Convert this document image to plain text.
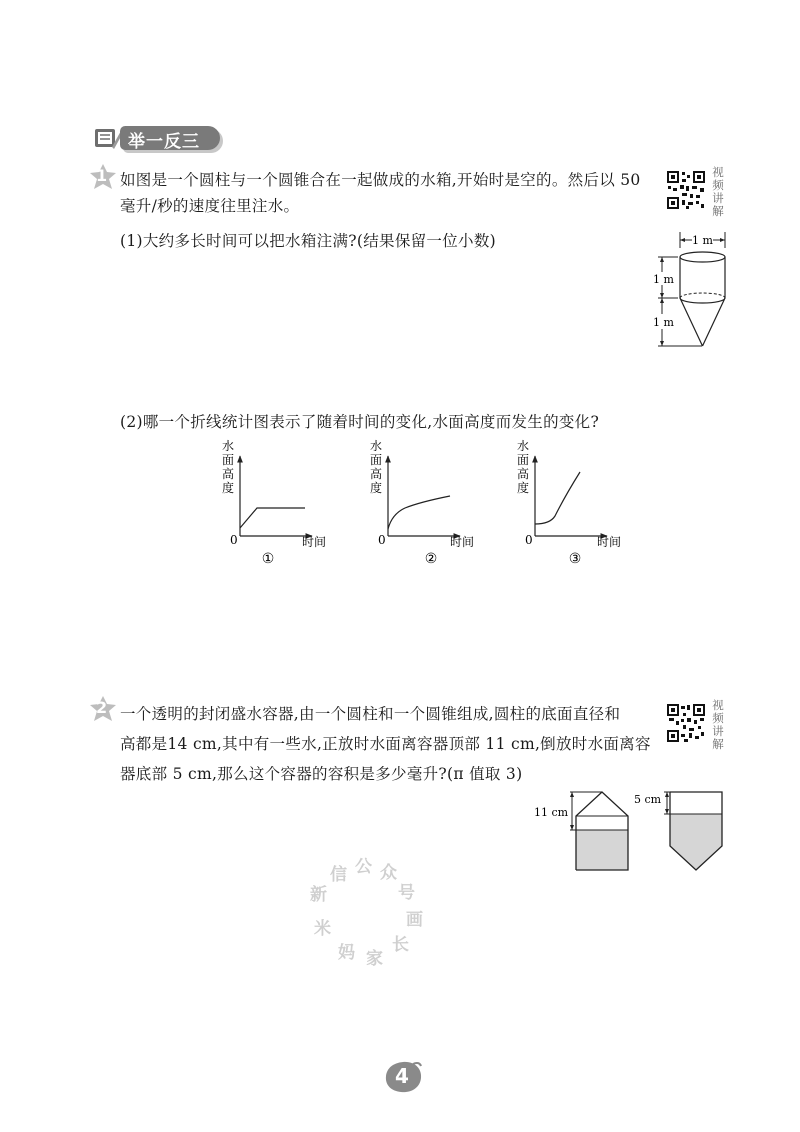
举一反三
1 如图是一个圆柱与一个圆锥合在一起做成的水箱,开始时是空的。然后以 50
毫升/秒的速度往里注水。
视
频
讲
解
(1)大约多长时间可以把水箱注满?(结果保留一位小数)	1 m
1 m
1 m
(2)哪一个折线统计图表示了随着时间的变化,水面高度而发生的变化?
水
面
高
度
0	时间
①
水
面
高
度
0	时间
②
水
面
高
度
0	时间
③
2 一个透明的封闭盛水容器,由一个圆柱和一个圆锥组成,圆柱的底面直径和
高都是14 cm,其中有一些水,正放时水面离容器顶部 11 cm,倒放时水面离容
器底部 5 cm,那么这个容器的容积是多少毫升?(π 值取 3)
视
频
讲
解
11 cm
5 cm
新
信 公 众
号
画
长
家
妈
米
4
